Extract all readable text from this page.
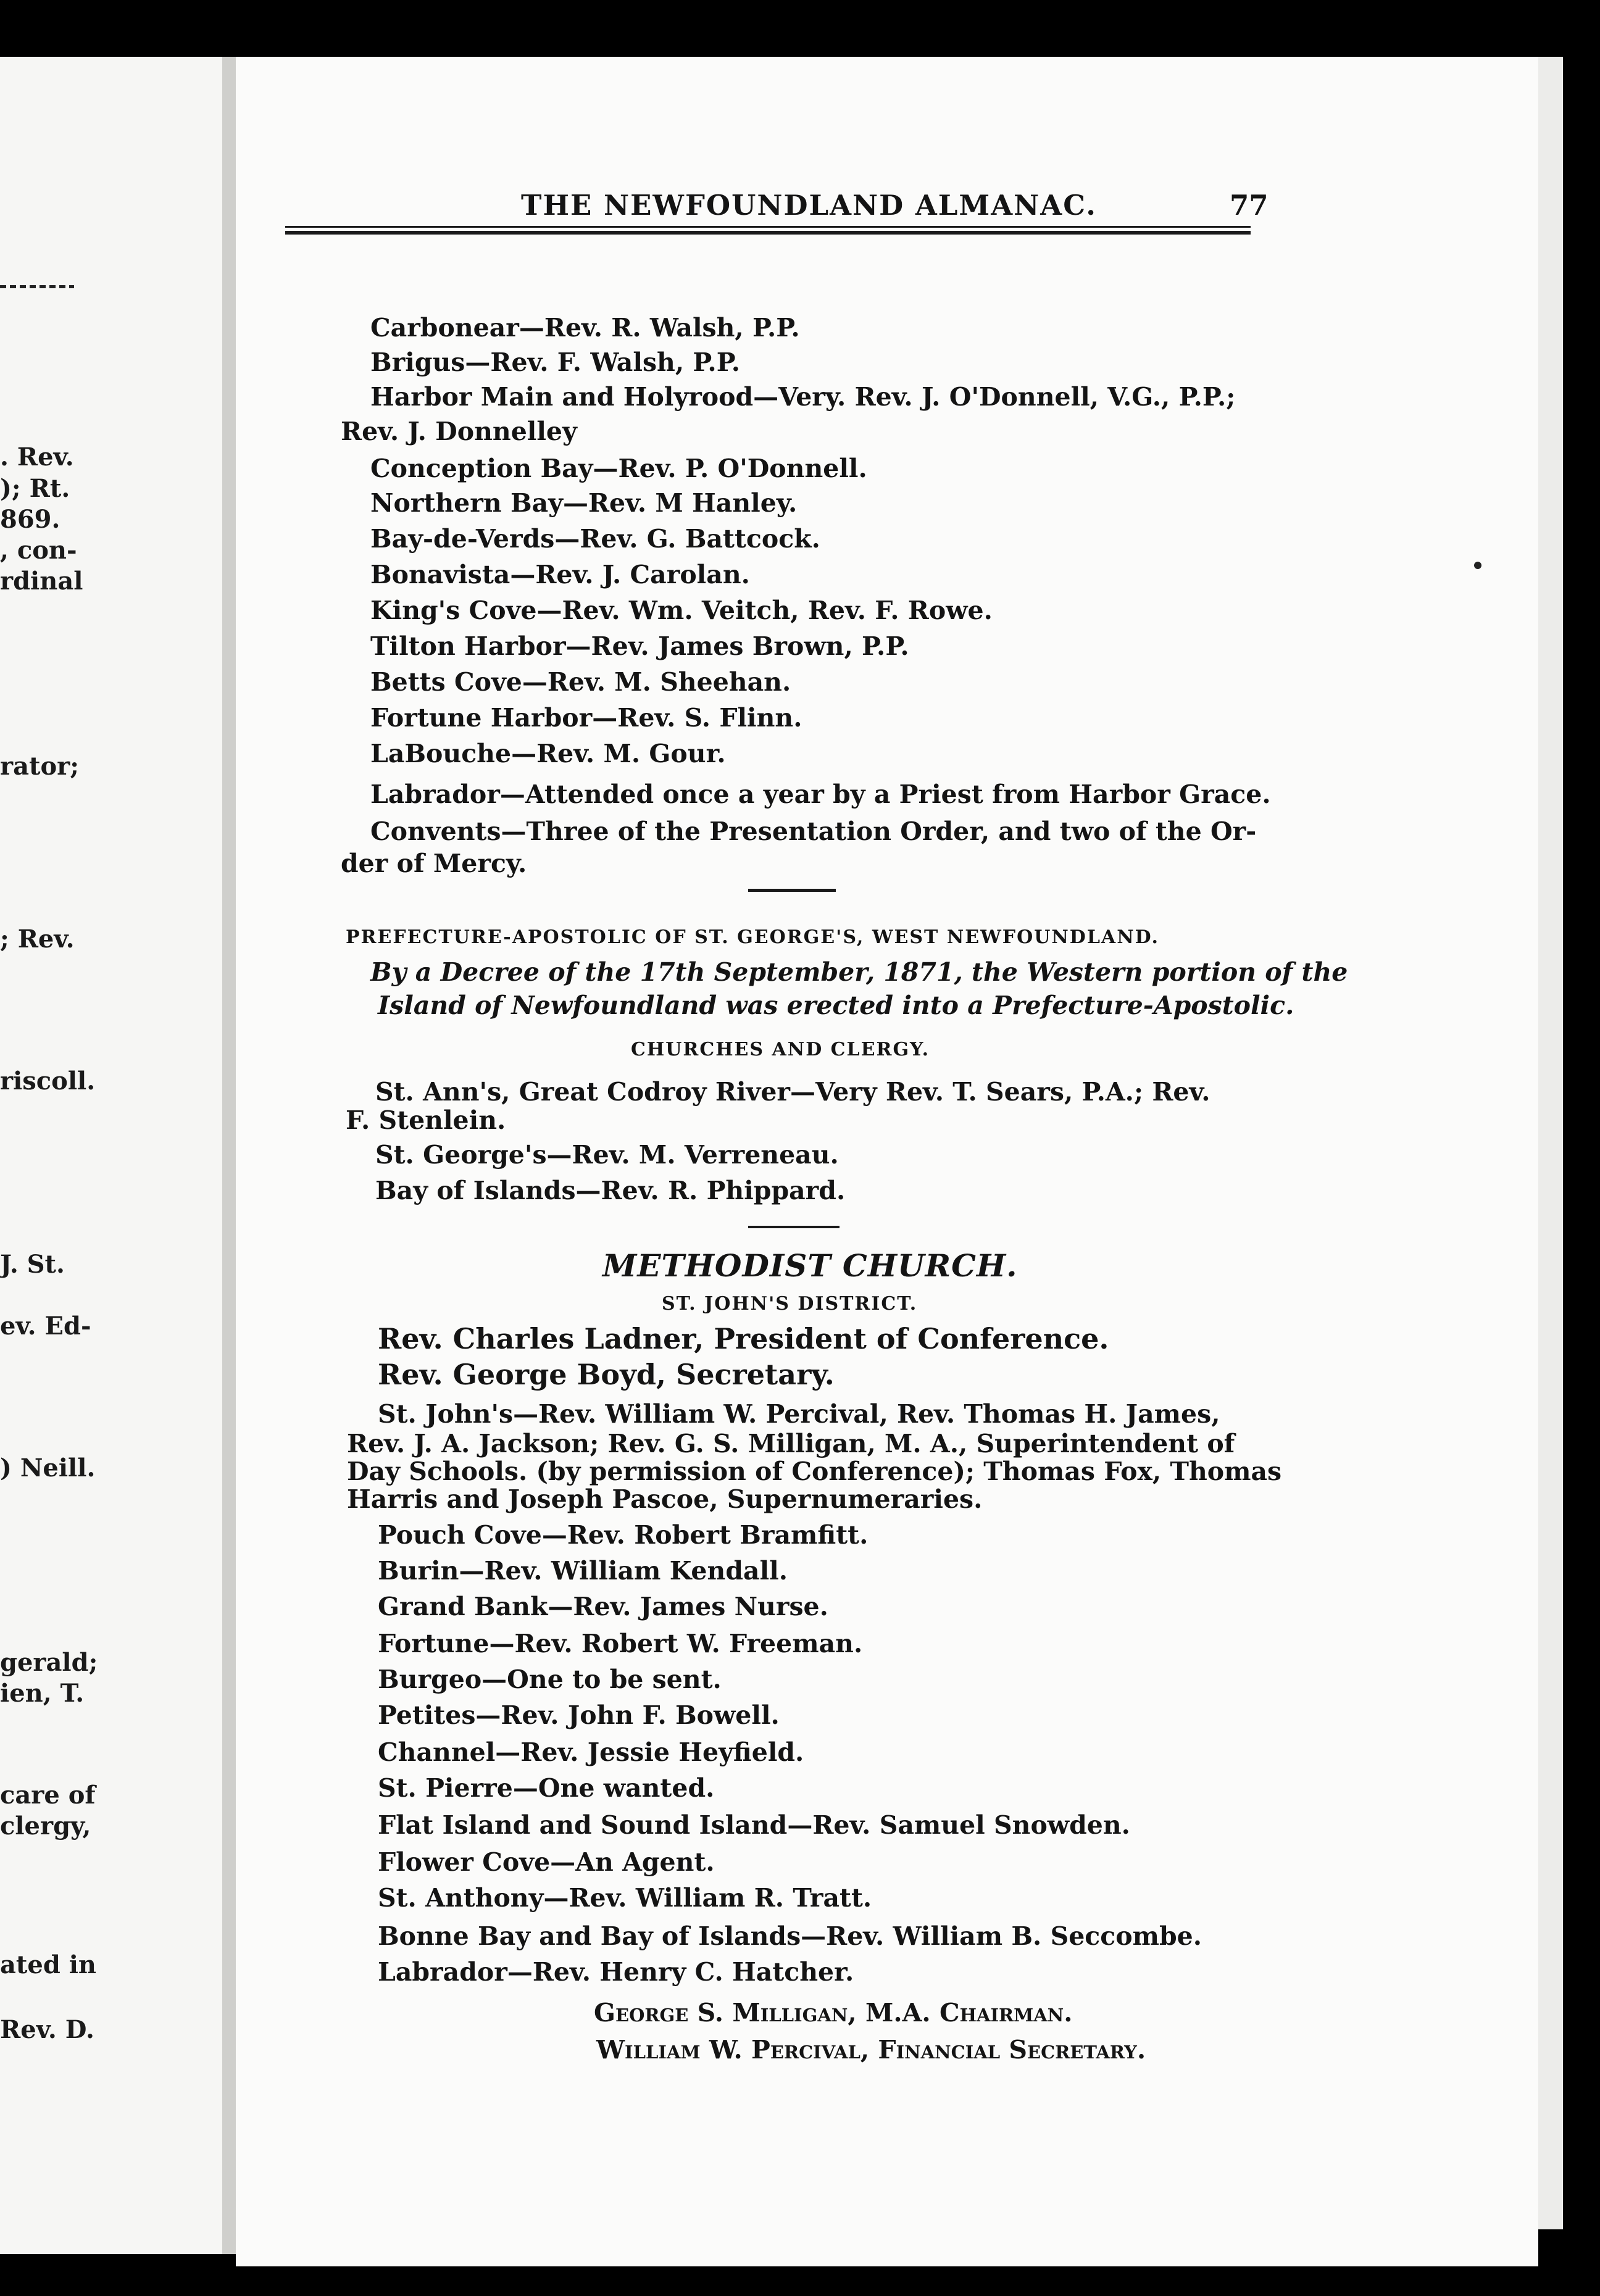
. Rev.
); Rt.
869.
, con-
rdinal
rator;
; Rev.
riscoll.
J. St.
ev. Ed-
) Neill.
gerald;
ien, T.
care of
clergy,
ated in
Rev. D.
THE NEWFOUNDLAND ALMANAC.	77
Carbonear—Rev. R. Walsh, P.P.
Brigus—Rev. F. Walsh, P.P.
Harbor Main and Holyrood—Very. Rev. J. O'Donnell, V.G., P.P.;
Rev. J. Donnelley
Conception Bay—Rev. P. O'Donnell.
Northern Bay—Rev. M Hanley.
Bay-de-Verds—Rev. G. Battcock.
Bonavista—Rev. J. Carolan.
King's Cove—Rev. Wm. Veitch, Rev. F. Rowe.
Tilton Harbor—Rev. James Brown, P.P.
Betts Cove—Rev. M. Sheehan.
Fortune Harbor—Rev. S. Flinn.
LaBouche—Rev. M. Gour.
Labrador—Attended once a year by a Priest from Harbor Grace.
Convents—Three of the Presentation Order, and two of the Or-
der of Mercy.
PREFECTURE-APOSTOLIC OF ST. GEORGE'S, WEST NEWFOUNDLAND.
By a Decree of the 17th September, 1871, the Western portion of the
Island of Newfoundland was erected into a Prefecture-Apostolic.
CHURCHES AND CLERGY.
St. Ann's, Great Codroy River—Very Rev. T. Sears, P.A.; Rev.
F. Stenlein.
St. George's—Rev. M. Verreneau.
Bay of Islands—Rev. R. Phippard.
METHODIST CHURCH.
ST. JOHN'S DISTRICT.
Rev. Charles Ladner, President of Conference.
Rev. George Boyd, Secretary.
St. John's—Rev. William W. Percival, Rev. Thomas H. James,
Rev. J. A. Jackson; Rev. G. S. Milligan, M. A., Superintendent of
Day Schools. (by permission of Conference); Thomas Fox, Thomas
Harris and Joseph Pascoe, Supernumeraries.
Pouch Cove—Rev. Robert Bramfitt.
Burin—Rev. William Kendall.
Grand Bank—Rev. James Nurse.
Fortune—Rev. Robert W. Freeman.
Burgeo—One to be sent.
Petites—Rev. John F. Bowell.
Channel—Rev. Jessie Heyfield.
St. Pierre—One wanted.
Flat Island and Sound Island—Rev. Samuel Snowden.
Flower Cove—An Agent.
St. Anthony—Rev. William R. Tratt.
Bonne Bay and Bay of Islands—Rev. William B. Seccombe.
Labrador—Rev. Henry C. Hatcher.
George S. Milligan, M.A. Chairman.
William W. Percival, Financial Secretary.
